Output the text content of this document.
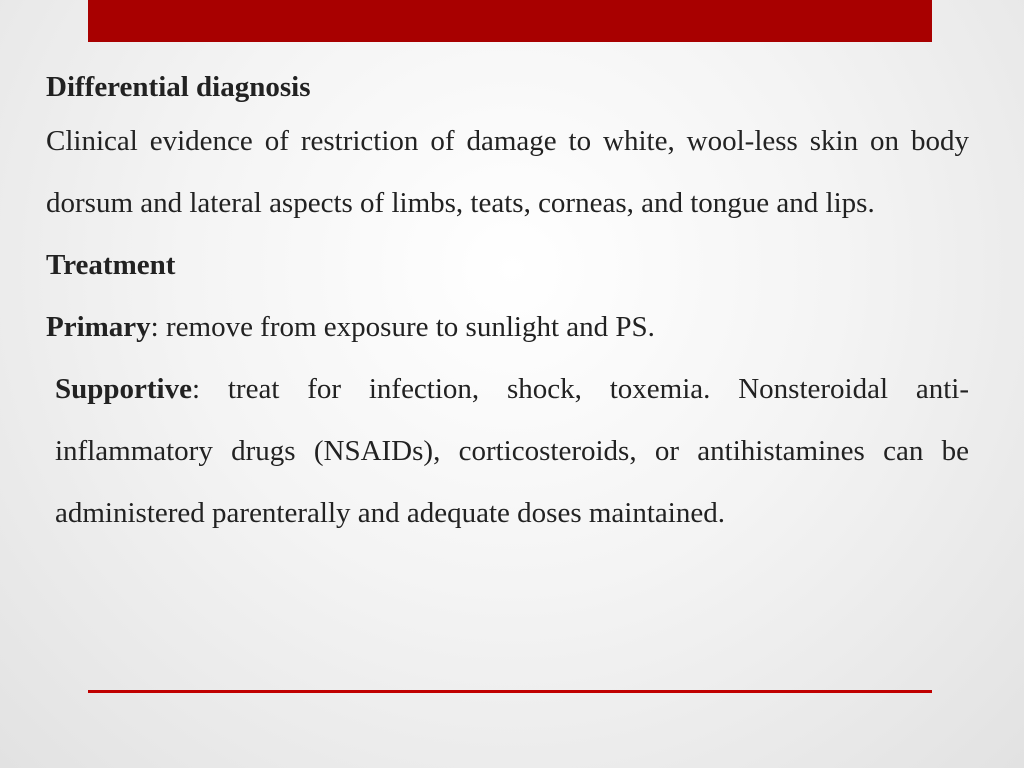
Differential diagnosis

Clinical evidence of restriction of damage to white, wool-less skin on body dorsum and lateral aspects of limbs, teats, corneas, and tongue and lips.

Treatment

Primary: remove from exposure to sunlight and PS.

Supportive: treat for infection, shock, toxemia. Nonsteroidal anti-inflammatory drugs (NSAIDs), corticosteroids, or antihistamines can be administered parenterally and adequate doses maintained.
